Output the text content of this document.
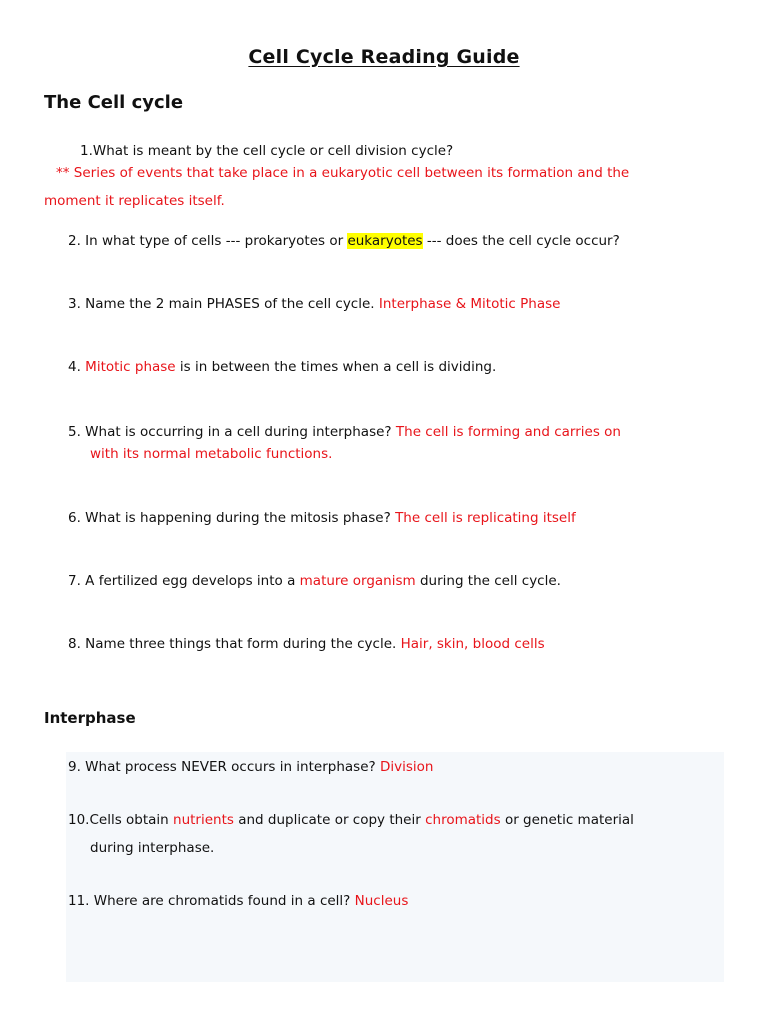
Cell Cycle Reading Guide
The Cell cycle
1.What is meant by the cell cycle or cell division cycle?
** Series of events that take place in a eukaryotic cell between its formation and the
moment it replicates itself.
2. In what type of cells --- prokaryotes or eukaryotes --- does the cell cycle occur?
3. Name the 2 main PHASES of the cell cycle. Interphase & Mitotic Phase
4. Mitotic phase is in between the times when a cell is dividing.
5. What is occurring in a cell during interphase? The cell is forming and carries on
with its normal metabolic functions.
6. What is happening during the mitosis phase? The cell is replicating itself
7. A fertilized egg develops into a mature organism during the cell cycle.
8. Name three things that form during the cycle. Hair, skin, blood cells
Interphase
9. What process NEVER occurs in interphase? Division
10.Cells obtain nutrients and duplicate or copy their chromatids or genetic material
during interphase.
11. Where are chromatids found in a cell? Nucleus
